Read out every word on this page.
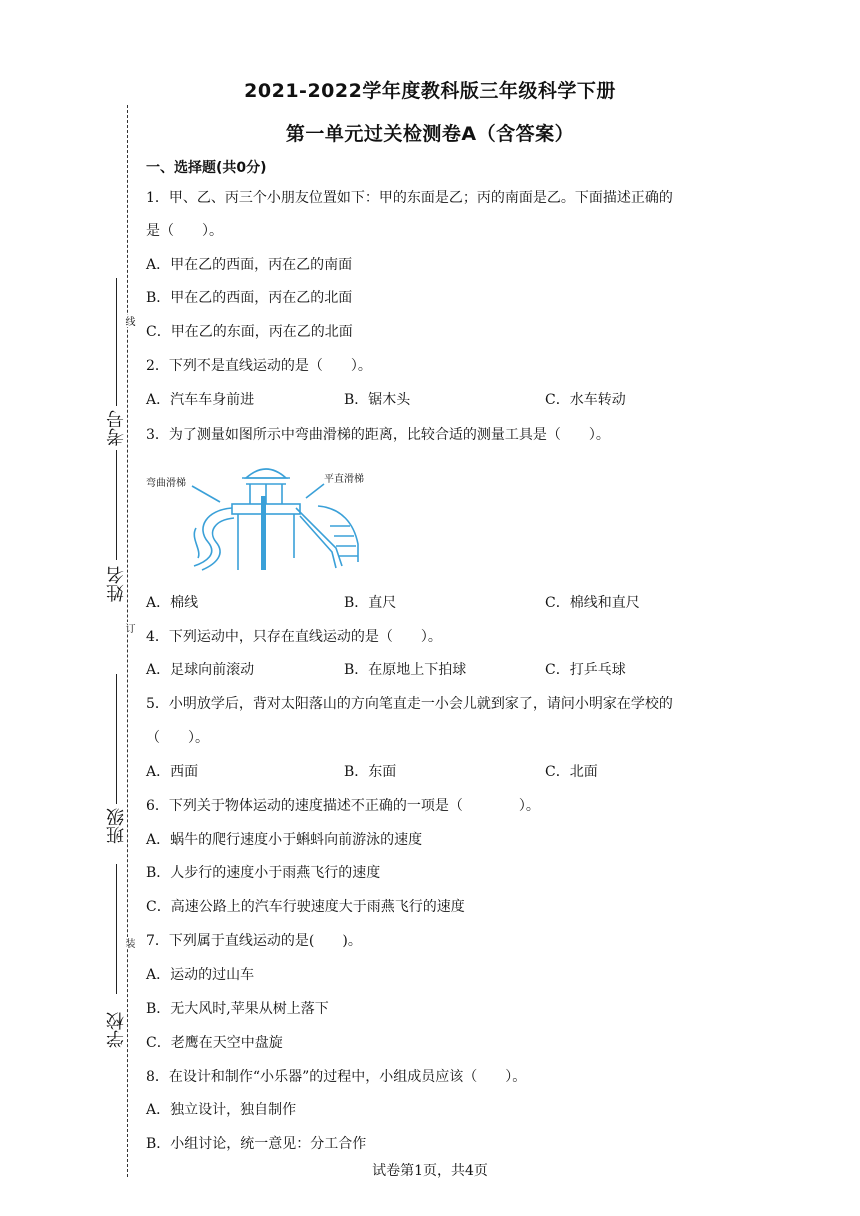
线
订
装
考号
姓名
班级
学校
2021-2022学年度教科版三年级科学下册
第一单元过关检测卷A（含答案）
一、选择题(共0分)
1．甲、乙、丙三个小朋友位置如下：甲的东面是乙；丙的南面是乙。下面描述正确的
是（　　）。
A．甲在乙的西面，丙在乙的南面
B．甲在乙的西面，丙在乙的北面
C．甲在乙的东面，丙在乙的北面
2．下列不是直线运动的是（　　）。
A．汽车车身前进	B．锯木头	C．水车转动
3．为了测量如图所示中弯曲滑梯的距离，比较合适的测量工具是（　　）。
弯曲滑梯	平直滑梯
A．棉线	B．直尺	C．棉线和直尺
4．下列运动中，只存在直线运动的是（　　）。
A．足球向前滚动	B．在原地上下拍球	C．打乒乓球
5．小明放学后，背对太阳落山的方向笔直走一小会儿就到家了，请问小明家在学校的
（　　）。
A．西面	B．东面	C．北面
6．下列关于物体运动的速度描述不正确的一项是（　　　　）。
A．蜗牛的爬行速度小于蝌蚪向前游泳的速度
B．人步行的速度小于雨燕飞行的速度
C．高速公路上的汽车行驶速度大于雨燕飞行的速度
7．下列属于直线运动的是(　　)。
A．运动的过山车
B．无大风时,苹果从树上落下
C．老鹰在天空中盘旋
8．在设计和制作“小乐器”的过程中，小组成员应该（　　）。
A．独立设计，独自制作
B．小组讨论，统一意见：分工合作
试卷第1页，共4页
